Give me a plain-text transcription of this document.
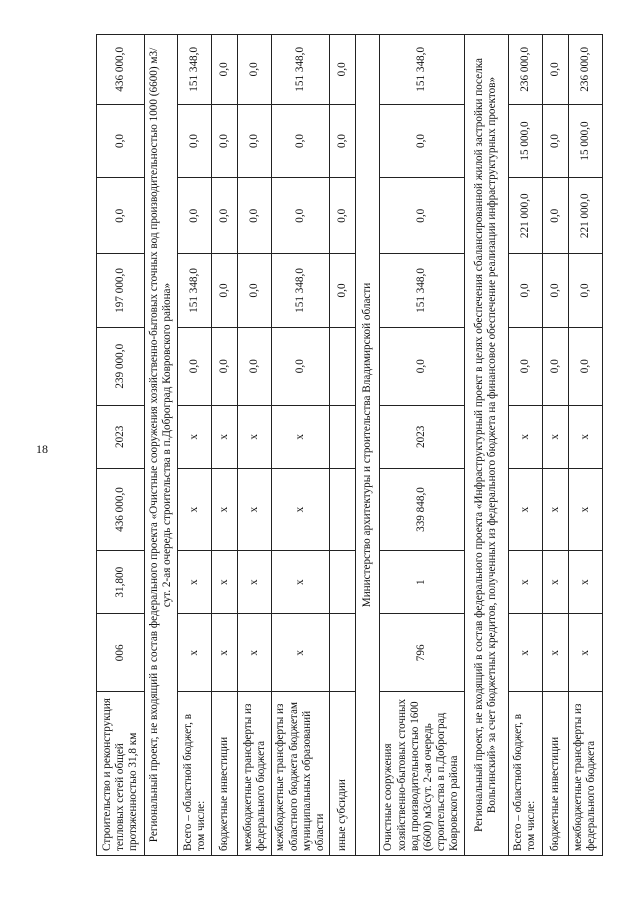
18
Строительство и реконструкция тепловых сетей общей протяженностью 31,8 км	006	31,800	436 000,0	2023	239 000,0	197 000,0	0,0	0,0	436 000,0
Региональный проект, не входящий в состав федерального проекта «Очистные сооружения хозяйственно-бытовых сточных вод производительностью 1000 (6600) м3/сут. 2-ая очередь строительства в п.Доброград Ковровского района»									
Всего – областной бюджет, в том числе:	х	х	х	х	0,0	151 348,0	0,0	0,0	151 348,0
бюджетные инвестиции	х	х	х	х	0,0	0,0	0,0	0,0	0,0
межбюджетные трансферты из федерального бюджета	х	х	х	х	0,0	0,0	0,0	0,0	0,0
межбюджетные трансферты из областного бюджета бюджетам муниципальных образований области	х	х	х	х	0,0	151 348,0	0,0	0,0	151 348,0
иные субсидии						0,0	0,0	0,0	0,0
Министерство архитектуры и строительства Владимирской области									
Очистные сооружения хозяйственно-бытовых сточных вод производительностью 1600 (6600) м3/сут. 2-ая очередь строительства в п.Доброград Ковровского района	796	1	339 848,0	2023	0,0	151 348,0	0,0	0,0	151 348,0
Региональный проект, не входящий в состав федерального проекта «Инфраструктурный проект в целях обеспечения сбалансированной жилой застройки поселка Вольгинский» за счет бюджетных кредитов, полученных из федерального бюджета на финансовое обеспечение реализации инфраструктурных проектов»									
Всего – областной бюджет, в том числе:	х	х	х	х	0,0	0,0	221 000,0	15 000,0	236 000,0
бюджетные инвестиции	х	х	х	х	0,0	0,0	0,0	0,0	0,0
межбюджетные трансферты из федерального бюджета	х	х	х	х	0,0	0,0	221 000,0	15 000,0	236 000,0
